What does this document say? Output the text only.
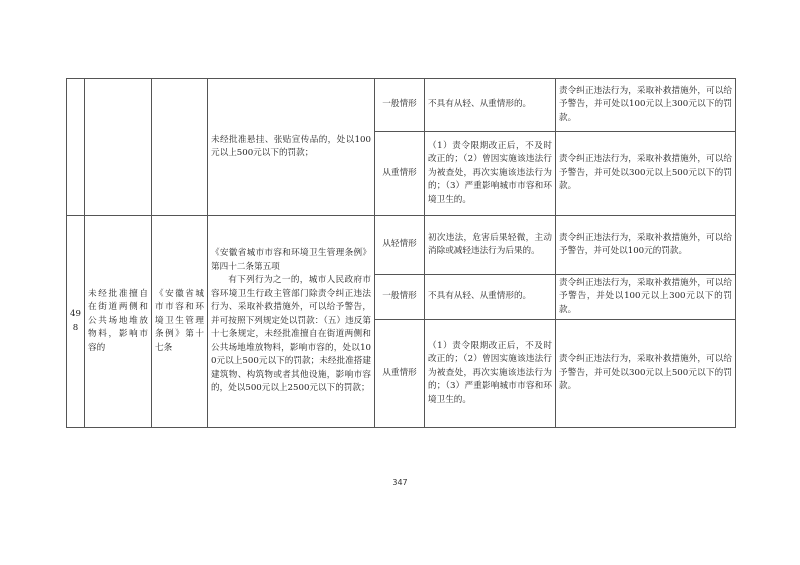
			未经批准悬挂、张贴宣传品的，处以100元以上500元以下的罚款；	一般情形	不具有从轻、从重情形的。	责令纠正违法行为，采取补救措施外，可以给予警告，并可处以100元以上300元以下的罚款。
				从重情形	（1）责令限期改正后，不及时改正的；（2）曾因实施该违法行为被查处，再次实施该违法行为的；（3）严重影响城市市容和环境卫生的。	责令纠正违法行为，采取补救措施外，可以给予警告，并可处以300元以上500元以下的罚款。
498	未经批准擅自在街道两侧和公共场地堆放物料，影响市容的	《安徽省城市市容和环境卫生管理条例》第十七条	《安徽省城市市容和环境卫生管理条例》第四十二条第五项
有下列行为之一的，城市人民政府市容环境卫生行政主管部门除责令纠正违法行为、采取补救措施外，可以给予警告，并可按照下列规定处以罚款：（五）违反第十七条规定，未经批准擅自在街道两侧和公共场地堆放物料，影响市容的，处以100元以上500元以下的罚款；未经批准搭建建筑物、构筑物或者其他设施，影响市容的，处以500元以上2500元以下的罚款；	从轻情形	初次违法，危害后果轻微，主动消除或减轻违法行为后果的。	责令纠正违法行为，采取补救措施外，可以给予警告，并可处以100元的罚款。
				一般情形	不具有从轻、从重情形的。	责令纠正违法行为，采取补救措施外，可以给予警告，并处以100元以上300元以下的罚款。
				从重情形	（1）责令限期改正后，不及时改正的；（2）曾因实施该违法行为被查处，再次实施该违法行为的；（3）严重影响城市市容和环境卫生的。	责令纠正违法行为，采取补救措施外，可以给予警告，并可处以300元以上500元以下的罚款。
347
